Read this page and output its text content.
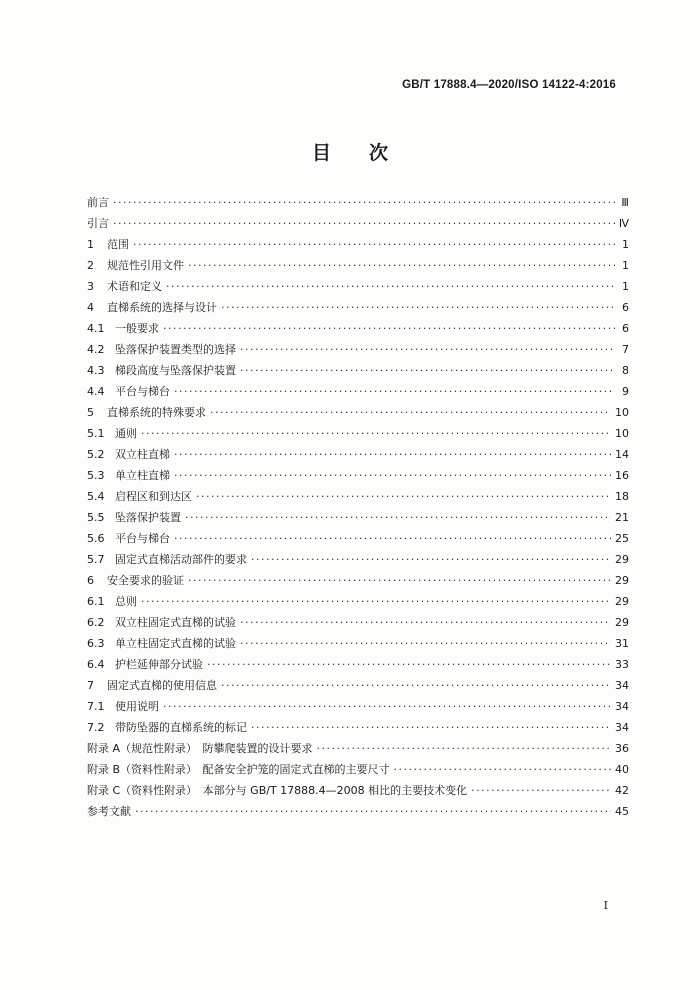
GB/T 17888.4—2020/ISO 14122-4:2016
目次
前言 ·····	Ⅲ
引言 ·····	Ⅳ
1	范围 ·····	1
2	规范性引用文件 ·····	1
3	术语和定义 ·····	1
4	直梯系统的选择与设计 ·····	6
4.1 一般要求 ·····	6
4.2 坠落保护装置类型的选择 ·····	7
4.3 梯段高度与坠落保护装置 ·····	8
4.4 平台与梯台 ·····	9
5	直梯系统的特殊要求 ·····	10
5.1 通则 ·····	10
5.2 双立柱直梯 ·····	14
5.3 单立柱直梯 ·····	16
5.4 启程区和到达区 ·····	18
5.5 坠落保护装置 ·····	21
5.6 平台与梯台 ·····	25
5.7 固定式直梯活动部件的要求 ·····	29
6	安全要求的验证 ·····	29
6.1 总则 ·····	29
6.2 双立柱固定式直梯的试验 ·····	29
6.3 单立柱固定式直梯的试验 ·····	31
6.4 护栏延伸部分试验 ·····	33
7	固定式直梯的使用信息 ·····	34
7.1 使用说明 ·····	34
7.2 带防坠器的直梯系统的标记 ·····	34
附录 A（规范性附录）　防攀爬装置的设计要求 ·····	36
附录 B（资料性附录）　配备安全护笼的固定式直梯的主要尺寸 ·····	40
附录 C（资料性附录）　本部分与 GB/T 17888.4—2008 相比的主要技术变化 ·····	42
参考文献 ·····	45
I
